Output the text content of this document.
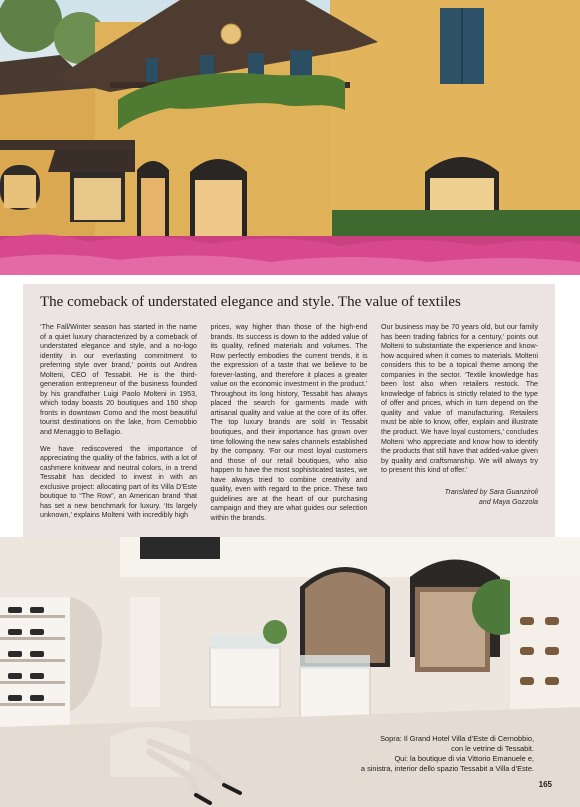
The comeback of understated elegance and style. The value of textiles

‘The Fall/Winter season has started in the name of a quiet luxury characterized by a comeback of understated elegance and style, and a no-logo identity in our everlasting commitment to preferring style over brand,’ points out Andrea Molteni, CEO of Tessabit. He is the third-generation entrepreneur of the business founded by his grandfather Luigi Paolo Molteni in 1953, which today boasts 20 boutiques and 150 shop fronts in downtown Como and the most beautiful tourist destinations on the lake, from Cernobbio and Menaggio to Bellagio.

We have rediscovered the importance of appreciating the quality of the fabrics, with a lot of cashmere knitwear and neutral colors, in a trend Tessabit has decided to invest in with an exclusive project: allocating part of its Villa D’Este boutique to “The Row”, an American brand ‘that has set a new benchmark for luxury. ‘Its largely unknown,’ explains Molteni ‘with incredibly high

prices, way higher than those of the high-end brands. Its success is down to the added value of its quality, refined materials and volumes. The Row perfectly embodies the current trends, it is the expression of a taste that we believe to be forever-lasting, and therefore it places a greater value on the economic investment in the product.’ Throughout its long history, Tessabit has always placed the search for garments made with artisanal quality and value at the core of its offer. The top luxury brands are sold in Tessabit boutiques, and their importance has grown over time following the new sales channels established by the company. ‘For our most loyal customers and those of our retail boutiques, who also happen to have the most sophisticated tastes, we have always tried to combine creativity and quality, even with regard to the price. These two guidelines are at the heart of our purchasing campaign and they are what guides our selection within the brands.

Our business may be 70 years old, but our family has been trading fabrics for a century,’ points out Molteni to substantiate the experience and know-how acquired when it comes to materials. Molteni considers this to be a topical theme among the companies in the sector. ‘Textile knowledge has been lost also when retailers restock. The knowledge of fabrics is strictly related to the type of offer and prices, which in turn depend on the quality and value of manufacturing. Retailers must be able to know, offer, explain and illustrate the product. We have loyal customers,’ concludes Molteni ‘who appreciate and know how to identify the products that still have that added-value given by quality and craftsmanship. We will always try to present this kind of offer.’

Translated by Sara Guanziroli
and Maya Gozzola
Sopra: Il Grand Hotel Villa d’Este di Cernobbio,
con le vetrine di Tessabit.
Qui: la boutique di via Vittorio Emanuele e,
a sinistra, interior dello spazio Tessabit a Villa d’Este.
165
